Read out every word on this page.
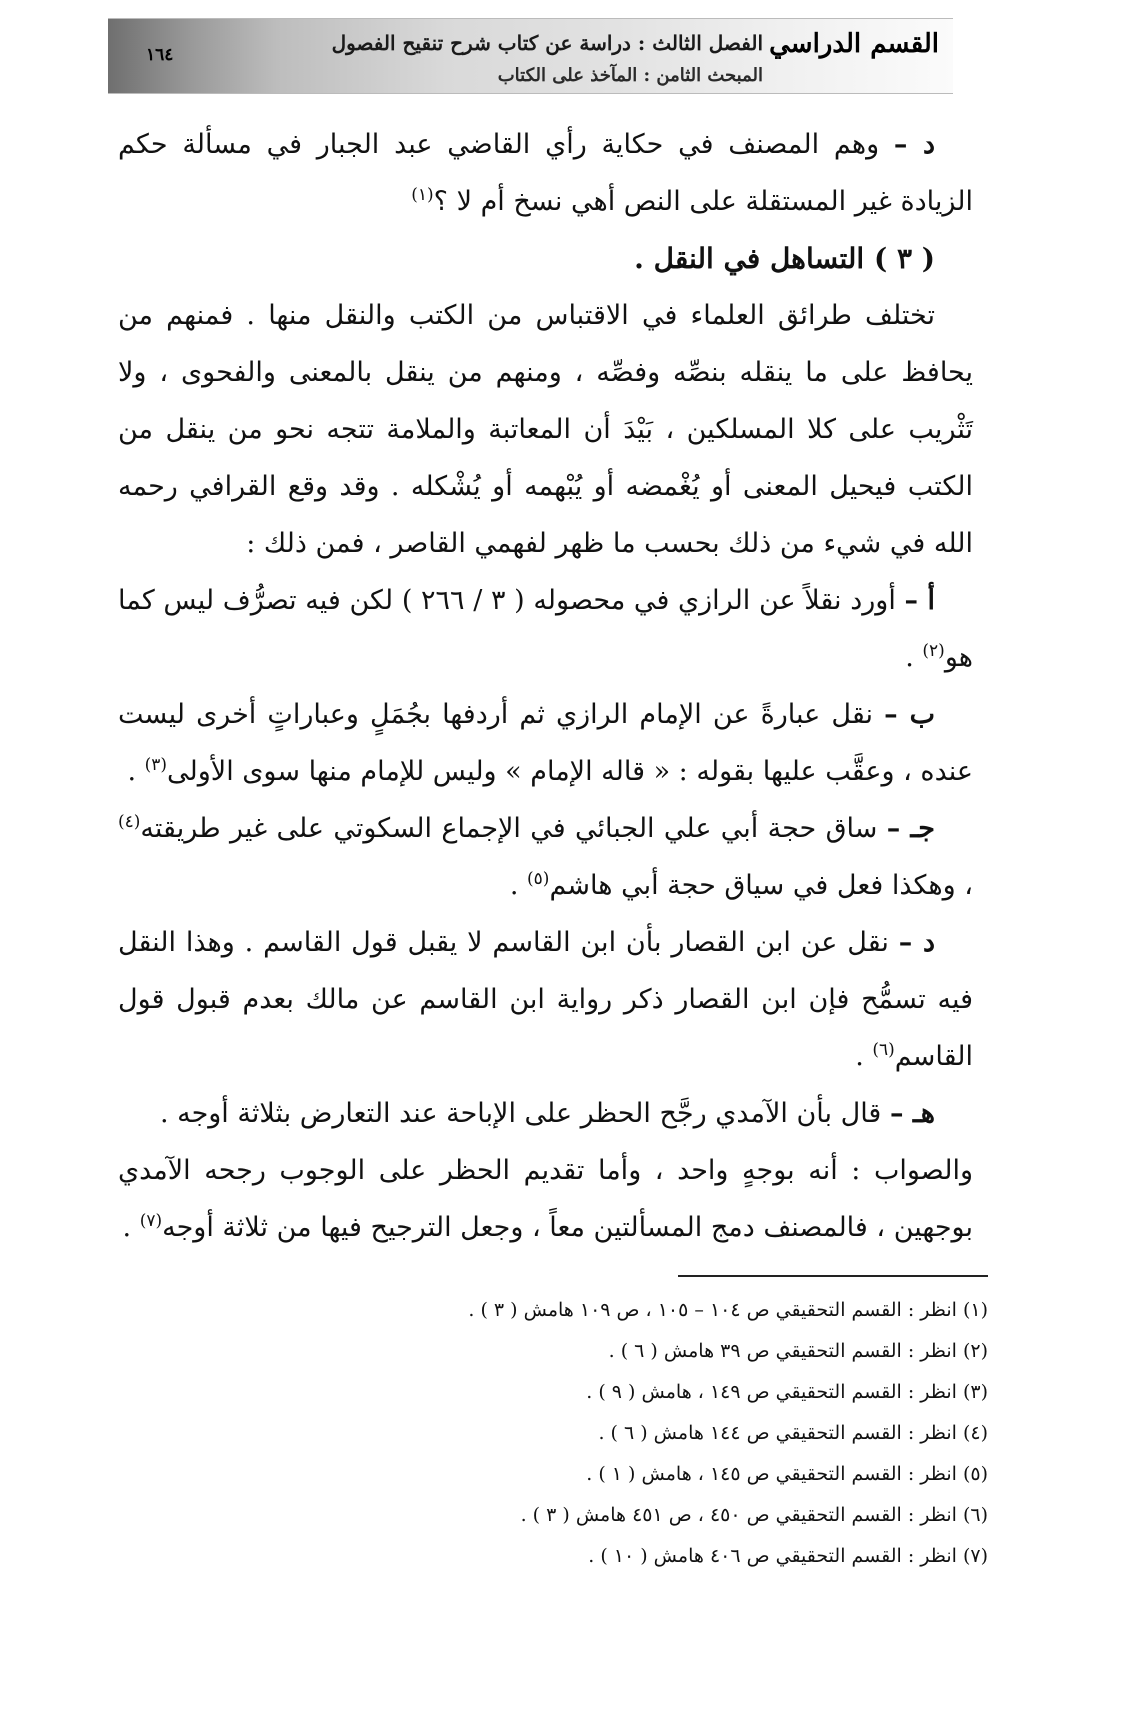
١٦٤	الفصل الثالث : دراسة عن كتاب شرح تنقيح الفصول
المبحث الثامن : المآخذ على الكتاب
القسم الدراسي

د – وهم المصنف في حكاية رأي القاضي عبد الجبار في مسألة حكم الزيادة غير المستقلة على النص أهي نسخ أم لا ؟$^{(١)}$

( ٣ ) التساهل في النقل .

تختلف طرائق العلماء في الاقتباس من الكتب والنقل منها . فمنهم من يحافظ على ما ينقله بنصِّه وفصِّه ، ومنهم من ينقل بالمعنى والفحوى ، ولا تَثْريب على كلا المسلكين ، بَيْدَ أن المعاتبة والملامة تتجه نحو من ينقل من الكتب فيحيل المعنى أو يُغْمضه أو يُبْهمه أو يُشْكله . وقد وقع القرافي رحمه الله في شيء من ذلك بحسب ما ظهر لفهمي القاصر ، فمن ذلك :

أ – أورد نقلاً عن الرازي في محصوله ( ٣ / ٢٦٦ ) لكن فيه تصرُّف ليس كما هو$^{(٢)}$ .

ب – نقل عبارةً عن الإمام الرازي ثم أردفها بجُمَلٍ وعباراتٍ أخرى ليست عنده ، وعقَّب عليها بقوله : « قاله الإمام » وليس للإمام منها سوى الأولى$^{(٣)}$ .

جـ – ساق حجة أبي علي الجبائي في الإجماع السكوتي على غير طريقته$^{(٤)}$ ، وهكذا فعل في سياق حجة أبي هاشم$^{(٥)}$ .

د – نقل عن ابن القصار بأن ابن القاسم لا يقبل قول القاسم . وهذا النقل فيه تسمُّح فإن ابن القصار ذكر رواية ابن القاسم عن مالك بعدم قبول قول القاسم$^{(٦)}$ .

هـ – قال بأن الآمدي رجَّح الحظر على الإباحة عند التعارض بثلاثة أوجه .

والصواب : أنه بوجهٍ واحد ، وأما تقديم الحظر على الوجوب رجحه الآمدي بوجهين ، فالمصنف دمج المسألتين معاً ، وجعل الترجيح فيها من ثلاثة أوجه$^{(٧)}$ .

(١) انظر : القسم التحقيقي ص ١٠٤ – ١٠٥ ، ص ١٠٩ هامش ( ٣ ) .

(٢) انظر : القسم التحقيقي ص ٣٩ هامش ( ٦ ) .

(٣) انظر : القسم التحقيقي ص ١٤٩ ، هامش ( ٩ ) .

(٤) انظر : القسم التحقيقي ص ١٤٤ هامش ( ٦ ) .

(٥) انظر : القسم التحقيقي ص ١٤٥ ، هامش ( ١ ) .

(٦) انظر : القسم التحقيقي ص ٤٥٠ ، ص ٤٥١ هامش ( ٣ ) .

(٧) انظر : القسم التحقيقي ص ٤٠٦ هامش ( ١٠ ) .
